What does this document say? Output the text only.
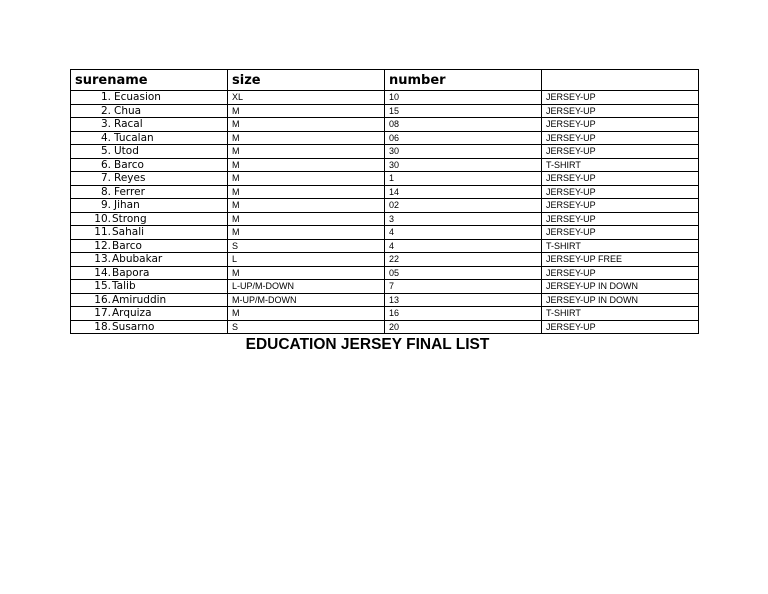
surename	size	number	
1. Ecuasion	XL	10	JERSEY-UP
2. Chua	M	15	JERSEY-UP
3. Racal	M	08	JERSEY-UP
4. Tucalan	M	06	JERSEY-UP
5. Utod	M	30	JERSEY-UP
6. Barco	M	30	T-SHIRT
7. Reyes	M	1	JERSEY-UP
8. Ferrer	M	14	JERSEY-UP
9. Jihan	M	02	JERSEY-UP
10.Strong	M	3	JERSEY-UP
11.Sahali	M	4	JERSEY-UP
12.Barco	S	4	T-SHIRT
13.Abubakar	L	22	JERSEY-UP FREE
14.Bapora	M	05	JERSEY-UP
15.Talib	L-UP/M-DOWN	7	JERSEY-UP IN DOWN
16.Amiruddin	M-UP/M-DOWN	13	JERSEY-UP IN DOWN
17.Arquiza	M	16	T-SHIRT
18.Susarno	S	20	JERSEY-UP
EDUCATION JERSEY FINAL LIST
